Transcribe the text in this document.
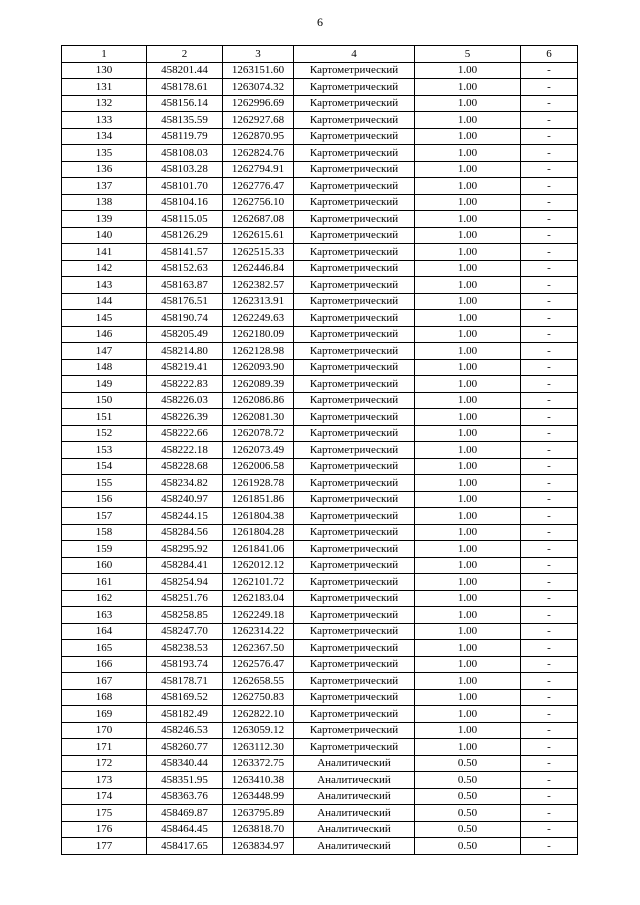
6
1	2	3	4	5	6
130	458201.44	1263151.60	Картометрический	1.00	-
131	458178.61	1263074.32	Картометрический	1.00	-
132	458156.14	1262996.69	Картометрический	1.00	-
133	458135.59	1262927.68	Картометрический	1.00	-
134	458119.79	1262870.95	Картометрический	1.00	-
135	458108.03	1262824.76	Картометрический	1.00	-
136	458103.28	1262794.91	Картометрический	1.00	-
137	458101.70	1262776.47	Картометрический	1.00	-
138	458104.16	1262756.10	Картометрический	1.00	-
139	458115.05	1262687.08	Картометрический	1.00	-
140	458126.29	1262615.61	Картометрический	1.00	-
141	458141.57	1262515.33	Картометрический	1.00	-
142	458152.63	1262446.84	Картометрический	1.00	-
143	458163.87	1262382.57	Картометрический	1.00	-
144	458176.51	1262313.91	Картометрический	1.00	-
145	458190.74	1262249.63	Картометрический	1.00	-
146	458205.49	1262180.09	Картометрический	1.00	-
147	458214.80	1262128.98	Картометрический	1.00	-
148	458219.41	1262093.90	Картометрический	1.00	-
149	458222.83	1262089.39	Картометрический	1.00	-
150	458226.03	1262086.86	Картометрический	1.00	-
151	458226.39	1262081.30	Картометрический	1.00	-
152	458222.66	1262078.72	Картометрический	1.00	-
153	458222.18	1262073.49	Картометрический	1.00	-
154	458228.68	1262006.58	Картометрический	1.00	-
155	458234.82	1261928.78	Картометрический	1.00	-
156	458240.97	1261851.86	Картометрический	1.00	-
157	458244.15	1261804.38	Картометрический	1.00	-
158	458284.56	1261804.28	Картометрический	1.00	-
159	458295.92	1261841.06	Картометрический	1.00	-
160	458284.41	1262012.12	Картометрический	1.00	-
161	458254.94	1262101.72	Картометрический	1.00	-
162	458251.76	1262183.04	Картометрический	1.00	-
163	458258.85	1262249.18	Картометрический	1.00	-
164	458247.70	1262314.22	Картометрический	1.00	-
165	458238.53	1262367.50	Картометрический	1.00	-
166	458193.74	1262576.47	Картометрический	1.00	-
167	458178.71	1262658.55	Картометрический	1.00	-
168	458169.52	1262750.83	Картометрический	1.00	-
169	458182.49	1262822.10	Картометрический	1.00	-
170	458246.53	1263059.12	Картометрический	1.00	-
171	458260.77	1263112.30	Картометрический	1.00	-
172	458340.44	1263372.75	Аналитический	0.50	-
173	458351.95	1263410.38	Аналитический	0.50	-
174	458363.76	1263448.99	Аналитический	0.50	-
175	458469.87	1263795.89	Аналитический	0.50	-
176	458464.45	1263818.70	Аналитический	0.50	-
177	458417.65	1263834.97	Аналитический	0.50	-
